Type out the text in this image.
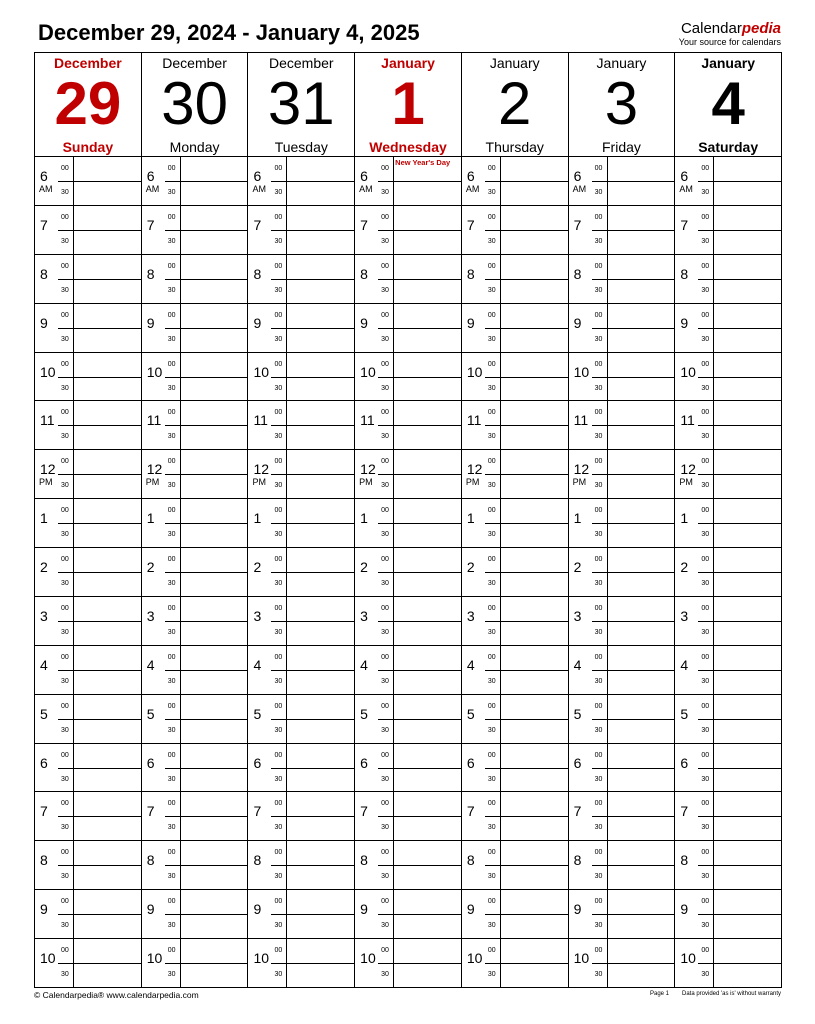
December 29, 2024 - January 4, 2025	Calendarpedia
Your source for calendars
December
29
Sunday
6
AM
00
30
7 00
30
8 00
30
9 00
30
10 00
30
11 00
30
12
PM
00
30
1 00
30
2 00
30
3 00
30
4 00
30
5 00
30
6 00
30
7 00
30
8 00
30
9 00
30
10 00
30
December
30
Monday
6
AM
00
30
7 00
30
8 00
30
9 00
30
10 00
30
11 00
30
12
PM
00
30
1 00
30
2 00
30
3 00
30
4 00
30
5 00
30
6 00
30
7 00
30
8 00
30
9 00
30
10 00
30
December
31
Tuesday
6
AM
00
30
7 00
30
8 00
30
9 00
30
10 00
30
11 00
30
12
PM
00
30
1 00
30
2 00
30
3 00
30
4 00
30
5 00
30
6 00
30
7 00
30
8 00
30
9 00
30
10 00
30
January
1
Wednesday
6
AM
00
30
New Year's Day
7 00
30
8 00
30
9 00
30
10 00
30
11 00
30
12
PM
00
30
1 00
30
2 00
30
3 00
30
4 00
30
5 00
30
6 00
30
7 00
30
8 00
30
9 00
30
10 00
30
January
2
Thursday
6
AM
00
30
7 00
30
8 00
30
9 00
30
10 00
30
11 00
30
12
PM
00
30
1 00
30
2 00
30
3 00
30
4 00
30
5 00
30
6 00
30
7 00
30
8 00
30
9 00
30
10 00
30
January
3
Friday
6
AM
00
30
7 00
30
8 00
30
9 00
30
10 00
30
11 00
30
12
PM
00
30
1 00
30
2 00
30
3 00
30
4 00
30
5 00
30
6 00
30
7 00
30
8 00
30
9 00
30
10 00
30
January
4
Saturday
6
AM
00
30
7 00
30
8 00
30
9 00
30
10 00
30
11 00
30
12
PM
00
30
1 00
30
2 00
30
3 00
30
4 00
30
5 00
30
6 00
30
7 00
30
8 00
30
9 00
30
10 00
30
© Calendarpedia® www.calendarpedia.com	Page 1 Data provided 'as is' without warranty
